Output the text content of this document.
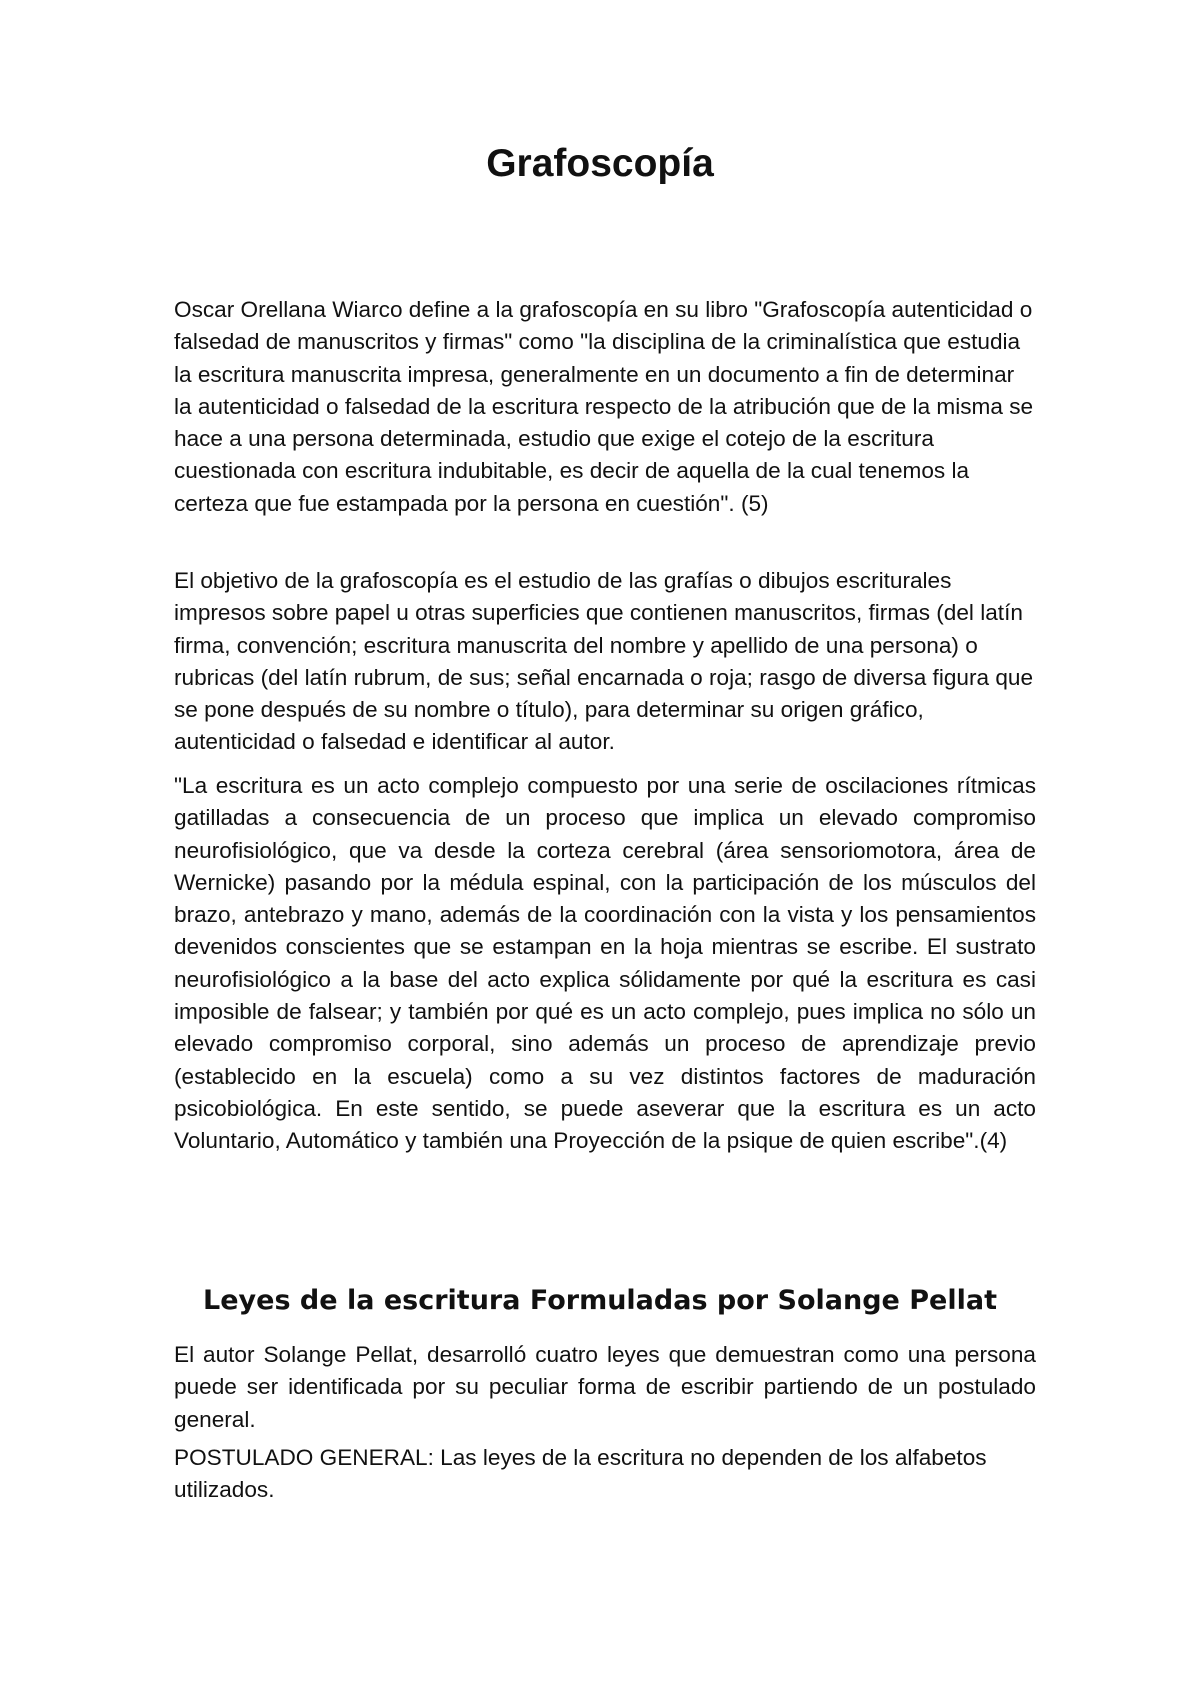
Grafoscopía

Oscar Orellana Wiarco define a la grafoscopía en su libro "Grafoscopía autenticidad o falsedad de manuscritos y firmas" como "la disciplina de la criminalística que estudia la escritura manuscrita impresa, generalmente en un documento a fin de determinar la autenticidad o falsedad de la escritura respecto de la atribución que de la misma se hace a una persona determinada, estudio que exige el cotejo de la escritura cuestionada con escritura indubitable, es decir de aquella de la cual tenemos la certeza que fue estampada por la persona en cuestión". (5)

El objetivo de la grafoscopía es el estudio de las grafías o dibujos escriturales impresos sobre papel u otras superficies que contienen manuscritos, firmas (del latín firma, convención; escritura manuscrita del nombre y apellido de una persona) o rubricas (del latín rubrum, de sus; señal encarnada o roja; rasgo de diversa figura que se pone después de su nombre o título), para determinar su origen gráfico, autenticidad o falsedad e identificar al autor.

"La escritura es un acto complejo compuesto por una serie de oscilaciones rítmicas gatilladas a consecuencia de un proceso que implica un elevado compromiso neurofisiológico, que va desde la corteza cerebral (área sensoriomotora, área de Wernicke) pasando por la médula espinal, con la participación de los músculos del brazo, antebrazo y mano, además de la coordinación con la vista y los pensamientos devenidos conscientes que se estampan en la hoja mientras se escribe. El sustrato neurofisiológico a la base del acto explica sólidamente por qué la escritura es casi imposible de falsear; y también por qué es un acto complejo, pues implica no sólo un elevado compromiso corporal, sino además un proceso de aprendizaje previo (establecido en la escuela) como a su vez distintos factores de maduración psicobiológica. En este sentido, se puede aseverar que la escritura es un acto Voluntario, Automático y también una Proyección de la psique de quien escribe".(4)

Leyes de la escritura Formuladas por Solange Pellat

El autor Solange Pellat, desarrolló cuatro leyes que demuestran como una persona puede ser identificada por su peculiar forma de escribir partiendo de un postulado general.

POSTULADO GENERAL: Las leyes de la escritura no dependen de los alfabetos utilizados.
